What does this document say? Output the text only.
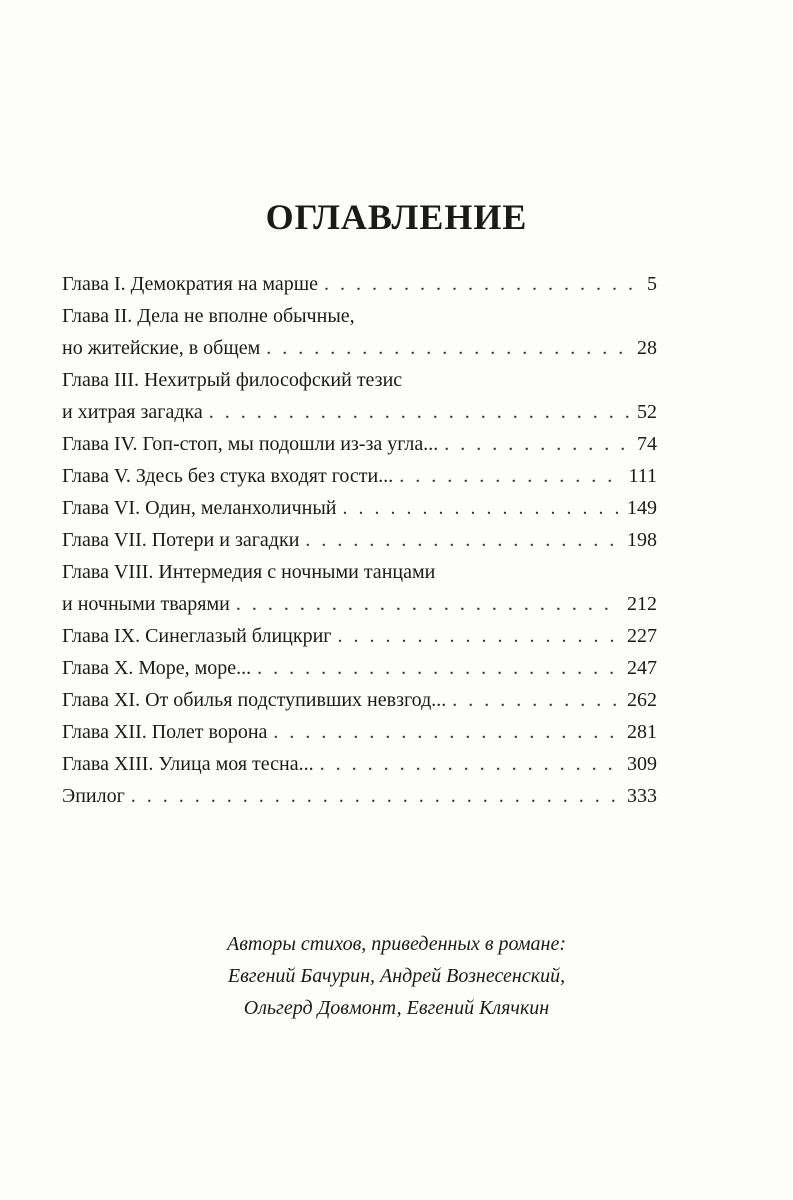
ОГЛАВЛЕНИЕ
Глава I. Демократия на марше . . .	5
Глава II. Дела не вполне обычные,
но житейские, в общем . . .	28
Глава III. Нехитрый философский тезис
и хитрая загадка . . .	52
Глава IV. Гоп-стоп, мы подошли из-за угла... . . .	74
Глава V. Здесь без стука входят гости... . . .	111
Глава VI. Один, меланхоличный . . .	149
Глава VII. Потери и загадки . . .	198
Глава VIII. Интермедия с ночными танцами
и ночными тварями . . .	212
Глава IX. Синеглазый блицкриг . . .	227
Глава X. Море, море... . . .	247
Глава XI. От обилья подступивших невзгод... . . .	262
Глава XII. Полет ворона . . .	281
Глава XIII. Улица моя тесна... . . .	309
Эпилог . . .	333
Авторы стихов, приведенных в романе:
Евгений Бачурин, Андрей Вознесенский,
Ольгерд Довмонт, Евгений Клячкин
